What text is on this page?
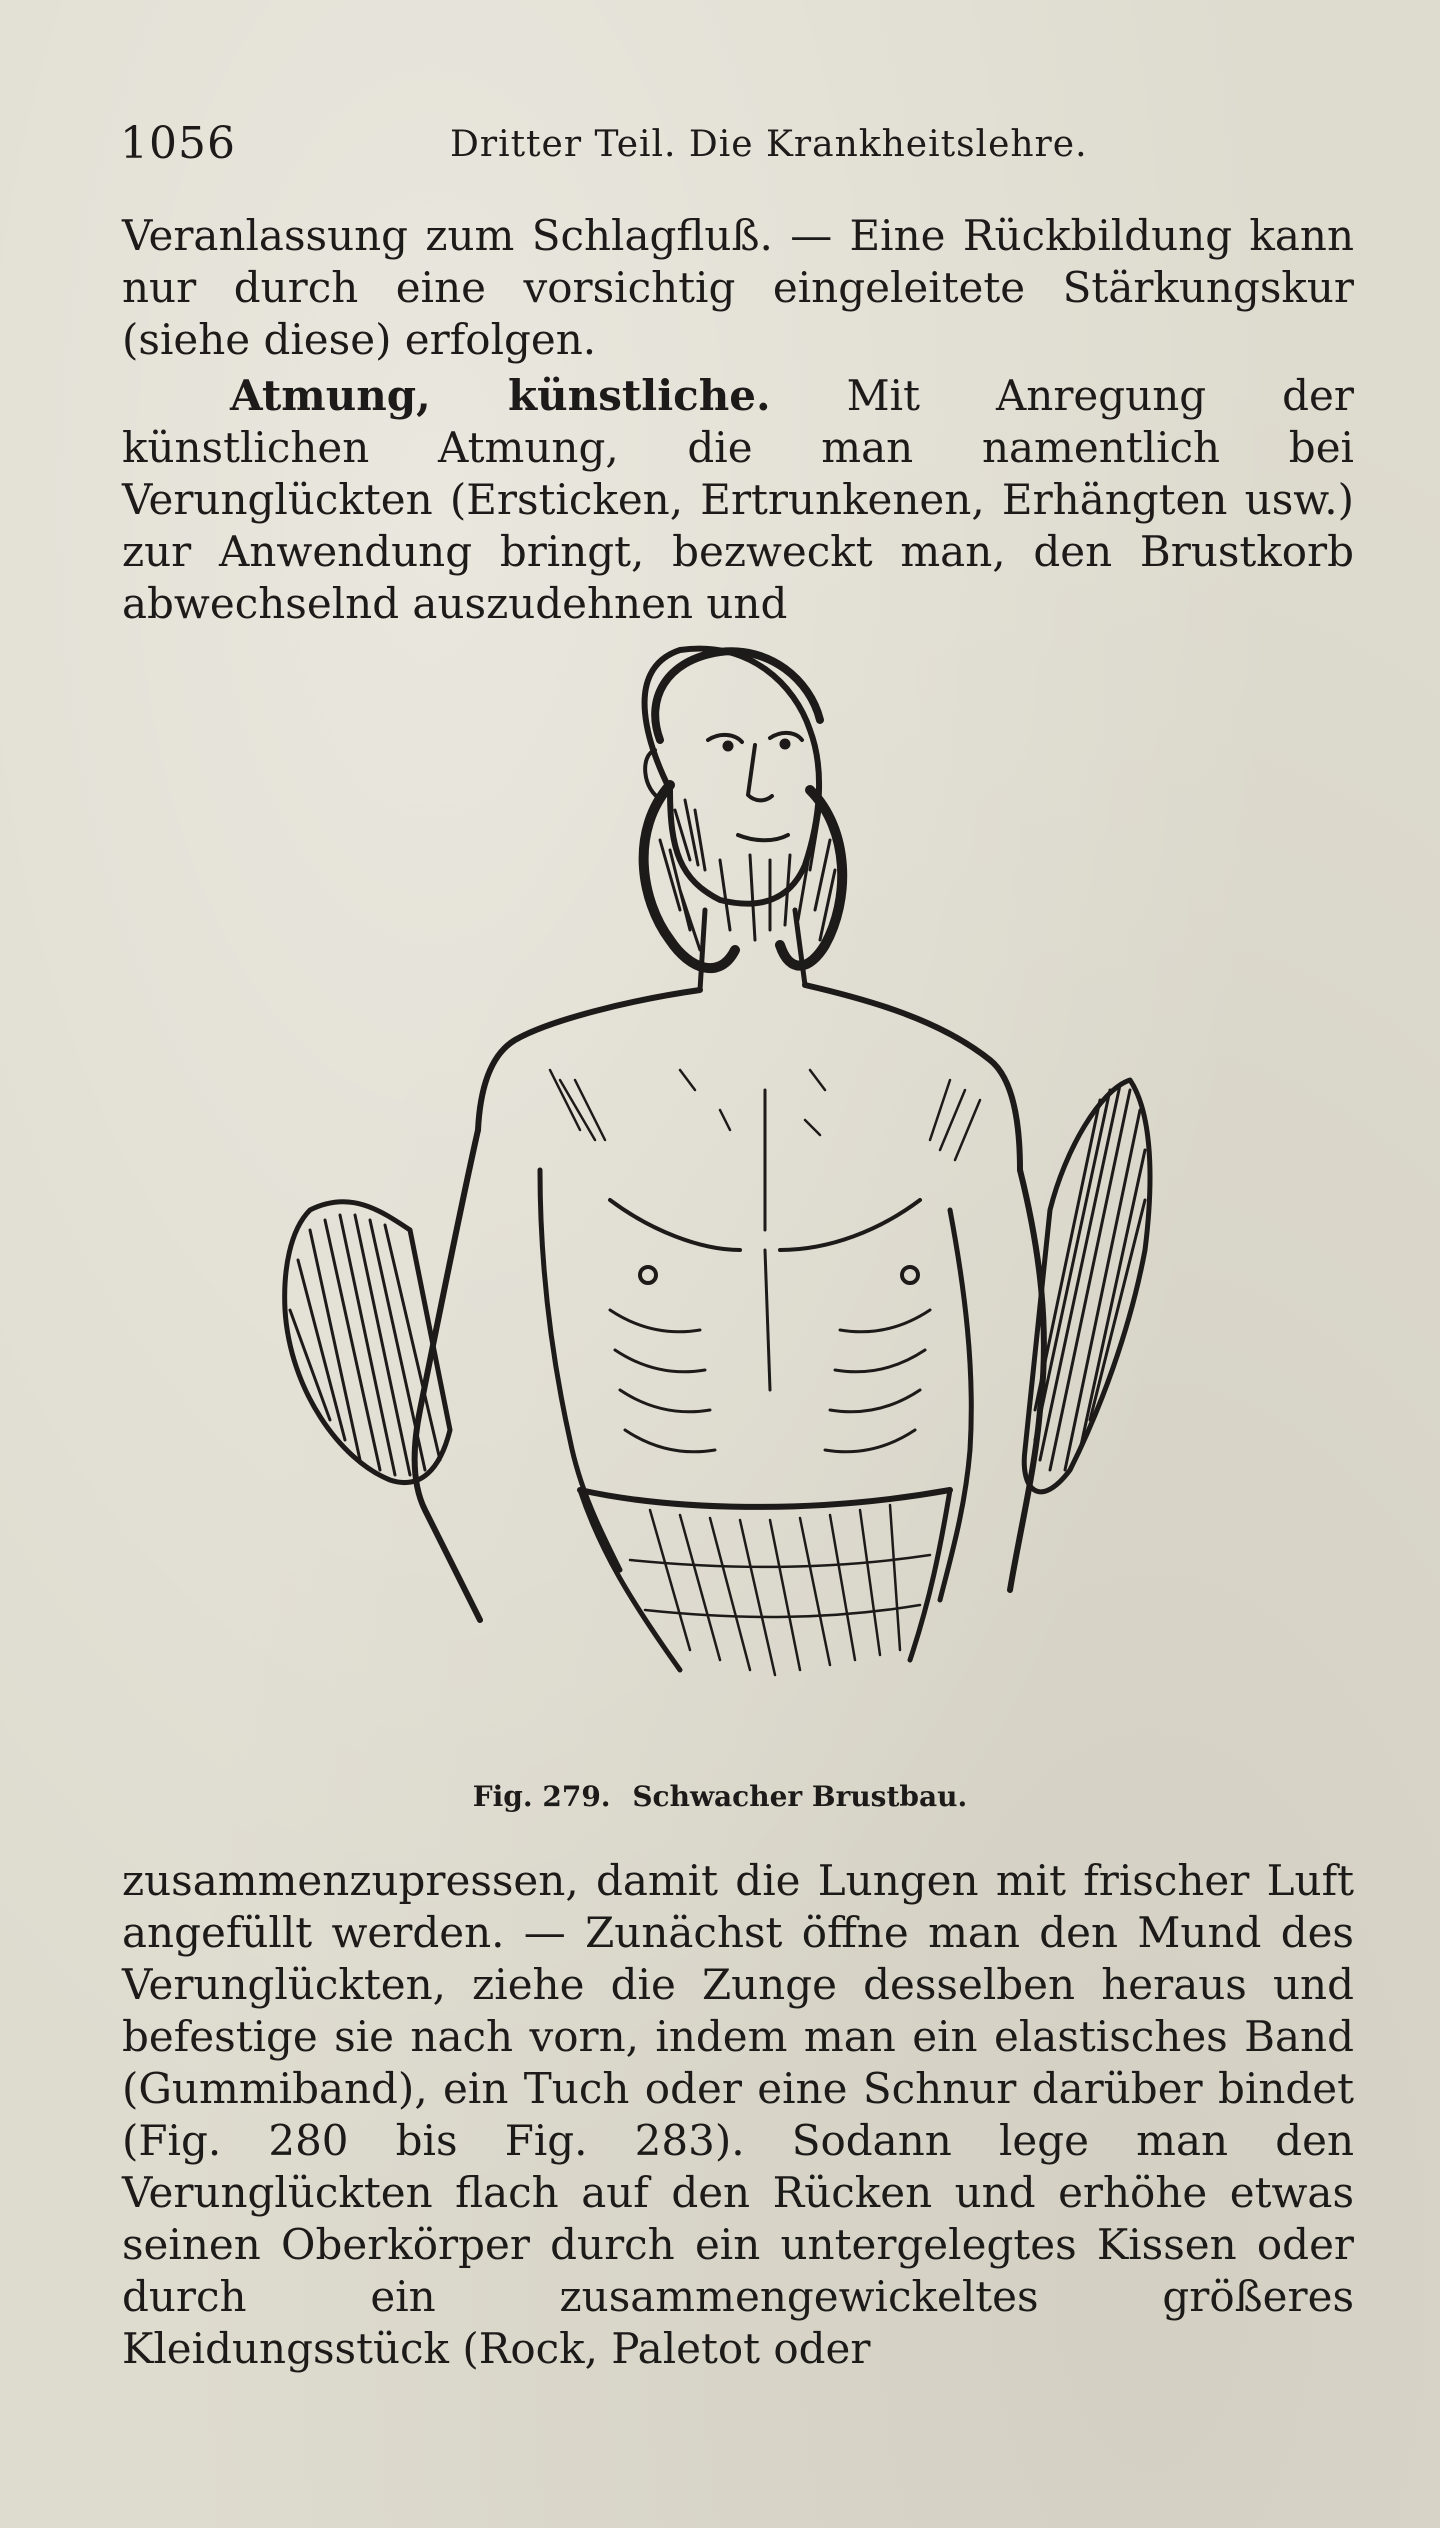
1056	Dritter Teil. Die Krankheitslehre.

Veranlassung zum Schlagfluß. — Eine Rückbildung kann nur durch eine vorsichtig eingeleitete Stärkungskur (siehe diese) erfolgen.

Atmung, künstliche. Mit Anregung der künstlichen Atmung, die man namentlich bei Verunglückten (Ersticken, Ertrunkenen, Erhängten usw.) zur Anwendung bringt, bezweckt man, den Brustkorb abwechselnd auszudehnen und

Fig. 279. Schwacher Brustbau.

zusammenzupressen, damit die Lungen mit frischer Luft angefüllt werden. — Zunächst öffne man den Mund des Verunglückten, ziehe die Zunge desselben heraus und befestige sie nach vorn, indem man ein elastisches Band (Gummiband), ein Tuch oder eine Schnur darüber bindet (Fig. 280 bis Fig. 283). Sodann lege man den Verunglückten flach auf den Rücken und erhöhe etwas seinen Oberkörper durch ein untergelegtes Kissen oder durch ein zusammengewickeltes größeres Kleidungsstück (Rock, Paletot oder
